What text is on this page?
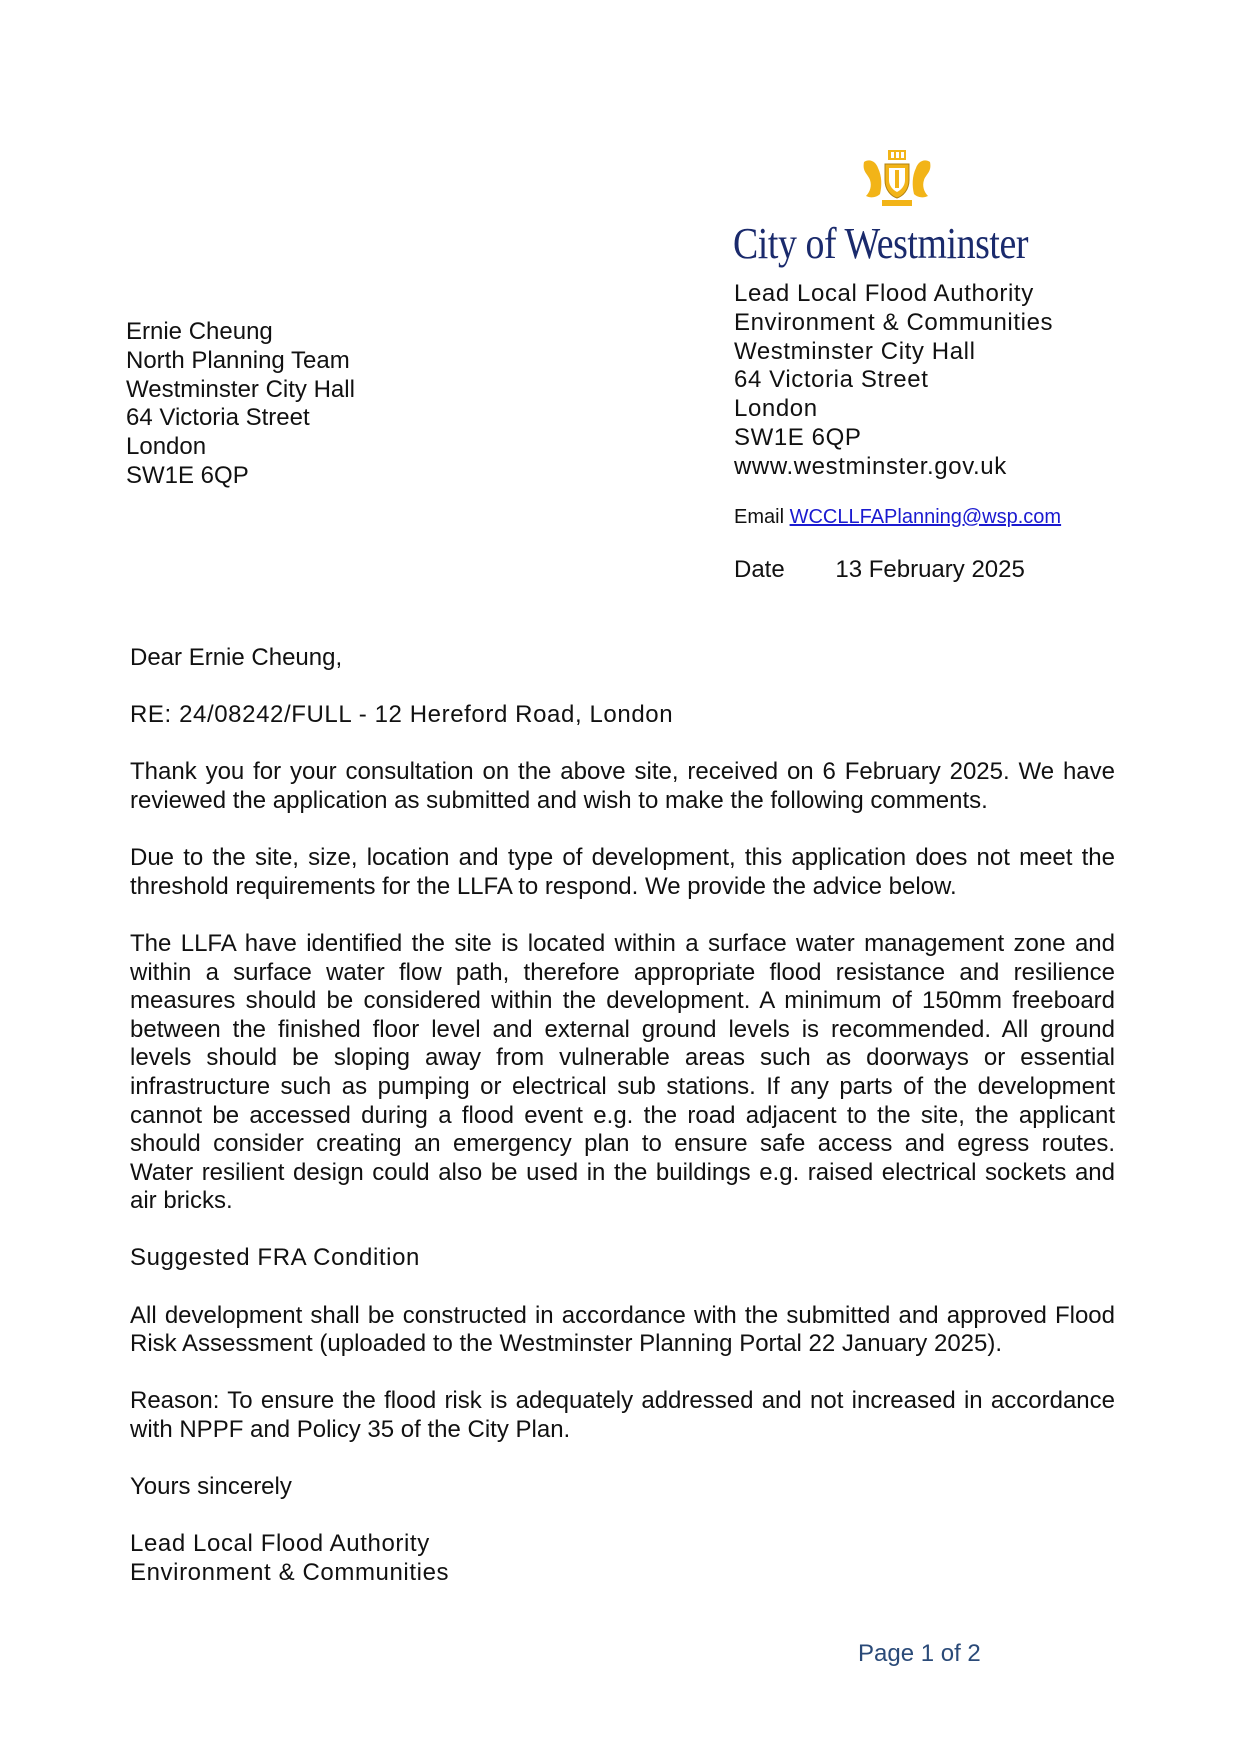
City of Westminster
Lead Local Flood Authority
Environment & Communities
Westminster City Hall
64 Victoria Street
London
SW1E 6QP
www.westminster.gov.uk
Email WCCLLFAPlanning@wsp.com
Date 13 February 2025
Ernie Cheung
North Planning Team
Westminster City Hall
64 Victoria Street
London
SW1E 6QP

Dear Ernie Cheung,

RE: 24/08242/FULL - 12 Hereford Road, London

Thank you for your consultation on the above site, received on 6 February 2025. We have reviewed the application as submitted and wish to make the following comments.

Due to the site, size, location and type of development, this application does not meet the threshold requirements for the LLFA to respond. We provide the advice below.

The LLFA have identified the site is located within a surface water management zone and within a surface water flow path, therefore appropriate flood resistance and resilience measures should be considered within the development. A minimum of 150mm freeboard between the finished floor level and external ground levels is recommended. All ground levels should be sloping away from vulnerable areas such as doorways or essential infrastructure such as pumping or electrical sub stations. If any parts of the development cannot be accessed during a flood event e.g. the road adjacent to the site, the applicant should consider creating an emergency plan to ensure safe access and egress routes. Water resilient design could also be used in the buildings e.g. raised electrical sockets and air bricks.

Suggested FRA Condition

All development shall be constructed in accordance with the submitted and approved Flood Risk Assessment (uploaded to the Westminster Planning Portal 22 January 2025).

Reason: To ensure the flood risk is adequately addressed and not increased in accordance with NPPF and Policy 35 of the City Plan.

Yours sincerely

Lead Local Flood Authority
Environment & Communities
Page 1 of 2
